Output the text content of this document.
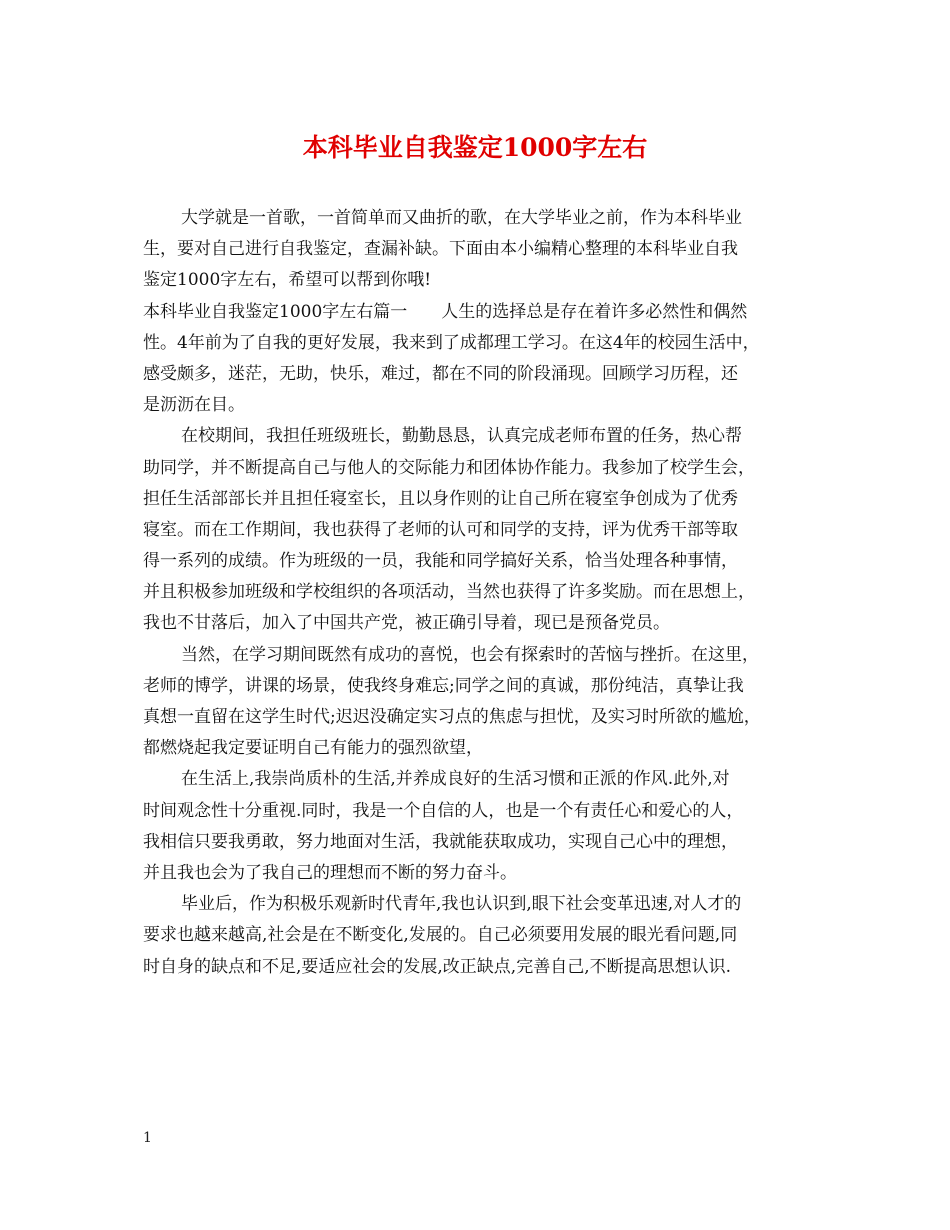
本科毕业自我鉴定1000字左右
大学就是一首歌，一首简单而又曲折的歌，在大学毕业之前，作为本科毕业
生，要对自己进行自我鉴定，查漏补缺。下面由本小编精心整理的本科毕业自我
鉴定1000字左右，希望可以帮到你哦!
本科毕业自我鉴定1000字左右篇一　　人生的选择总是存在着许多必然性和偶然
性。4年前为了自我的更好发展，我来到了成都理工学习。在这4年的校园生活中，
感受颇多，迷茫，无助，快乐，难过，都在不同的阶段涌现。回顾学习历程，还
是沥沥在目。
在校期间，我担任班级班长，勤勤恳恳，认真完成老师布置的任务，热心帮
助同学，并不断提高自己与他人的交际能力和团体协作能力。我参加了校学生会，
担任生活部部长并且担任寝室长，且以身作则的让自己所在寝室争创成为了优秀
寝室。而在工作期间，我也获得了老师的认可和同学的支持，评为优秀干部等取
得一系列的成绩。作为班级的一员，我能和同学搞好关系，恰当处理各种事情，
并且积极参加班级和学校组织的各项活动，当然也获得了许多奖励。而在思想上，
我也不甘落后，加入了中国共产党，被正确引导着，现已是预备党员。
当然，在学习期间既然有成功的喜悦，也会有探索时的苦恼与挫折。在这里，
老师的博学，讲课的场景，使我终身难忘;同学之间的真诚，那份纯洁，真挚让我
真想一直留在这学生时代;迟迟没确定实习点的焦虑与担忧，及实习时所欲的尴尬，
都燃烧起我定要证明自己有能力的强烈欲望，
在生活上,我崇尚质朴的生活,并养成良好的生活习惯和正派的作风.此外,对
时间观念性十分重视.同时，我是一个自信的人，也是一个有责任心和爱心的人，
我相信只要我勇敢，努力地面对生活，我就能获取成功，实现自己心中的理想，
并且我也会为了我自己的理想而不断的努力奋斗。
毕业后，作为积极乐观新时代青年,我也认识到,眼下社会变革迅速,对人才的
要求也越来越高,社会是在不断变化,发展的。自己必须要用发展的眼光看问题,同
时自身的缺点和不足,要适应社会的发展,改正缺点,完善自己,不断提高思想认识.
1
